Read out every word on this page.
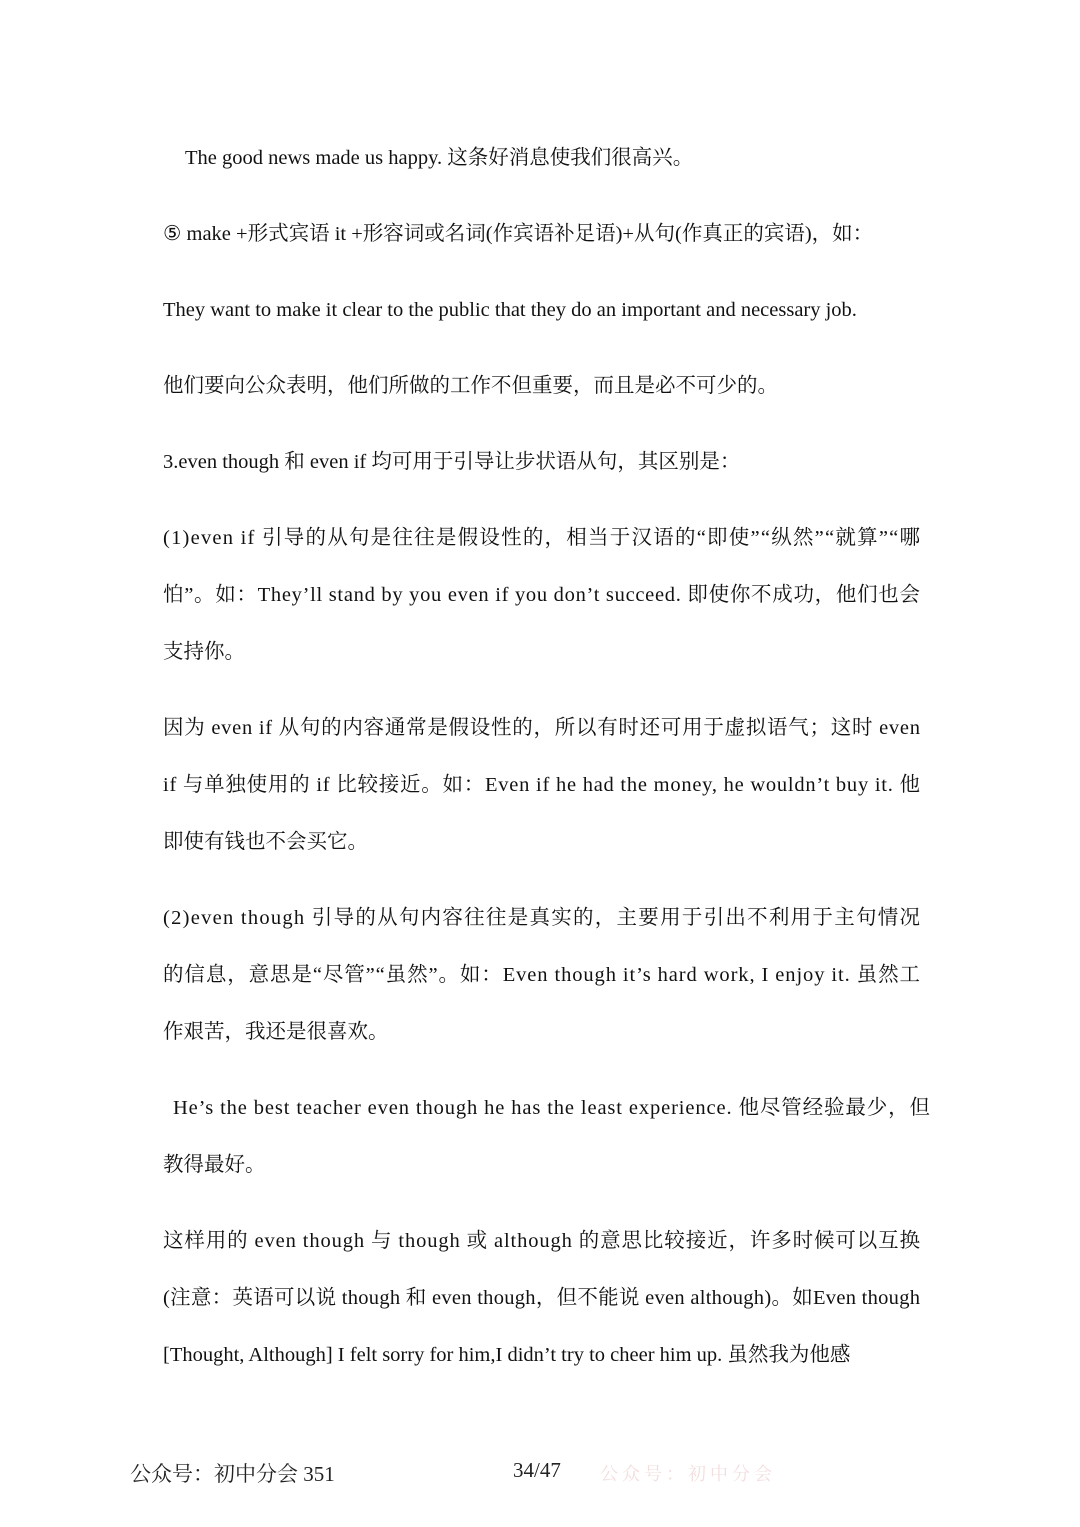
The good news made us happy. 这条好消息使我们很高兴。
⑤ make +形式宾语 it +形容词或名词(作宾语补足语)+从句(作真正的宾语)，如：
They want to make it clear to the public that they do an important and necessary job.
他们要向公众表明，他们所做的工作不但重要，而且是必不可少的。
3.even though 和 even if 均可用于引导让步状语从句，其区别是：
(1)even if 引导的从句是往往是假设性的，相当于汉语的“即使”“纵然”“就算”“哪
怕”。如：They’ll stand by you even if you don’t succeed. 即使你不成功，他们也会
支持你。
因为 even if 从句的内容通常是假设性的，所以有时还可用于虚拟语气；这时 even
if 与单独使用的 if 比较接近。如：Even if he had the money, he wouldn’t buy it. 他
即使有钱也不会买它。
(2)even though 引导的从句内容往往是真实的，主要用于引出不利用于主句情况
的信息，意思是“尽管”“虽然”。如：Even though it’s hard work, I enjoy it. 虽然工
作艰苦，我还是很喜欢。
He’s the best teacher even though he has the least experience. 他尽管经验最少，但
教得最好。
这样用的 even though 与 though 或 although 的意思比较接近，许多时候可以互换
(注意：英语可以说 though 和 even though，但不能说 even although)。如Even though
[Thought, Although] I felt sorry for him,I didn’t try to cheer him up. 虽然我为他感
公众号：初中分会
公众号：初中分会 351	34/47
